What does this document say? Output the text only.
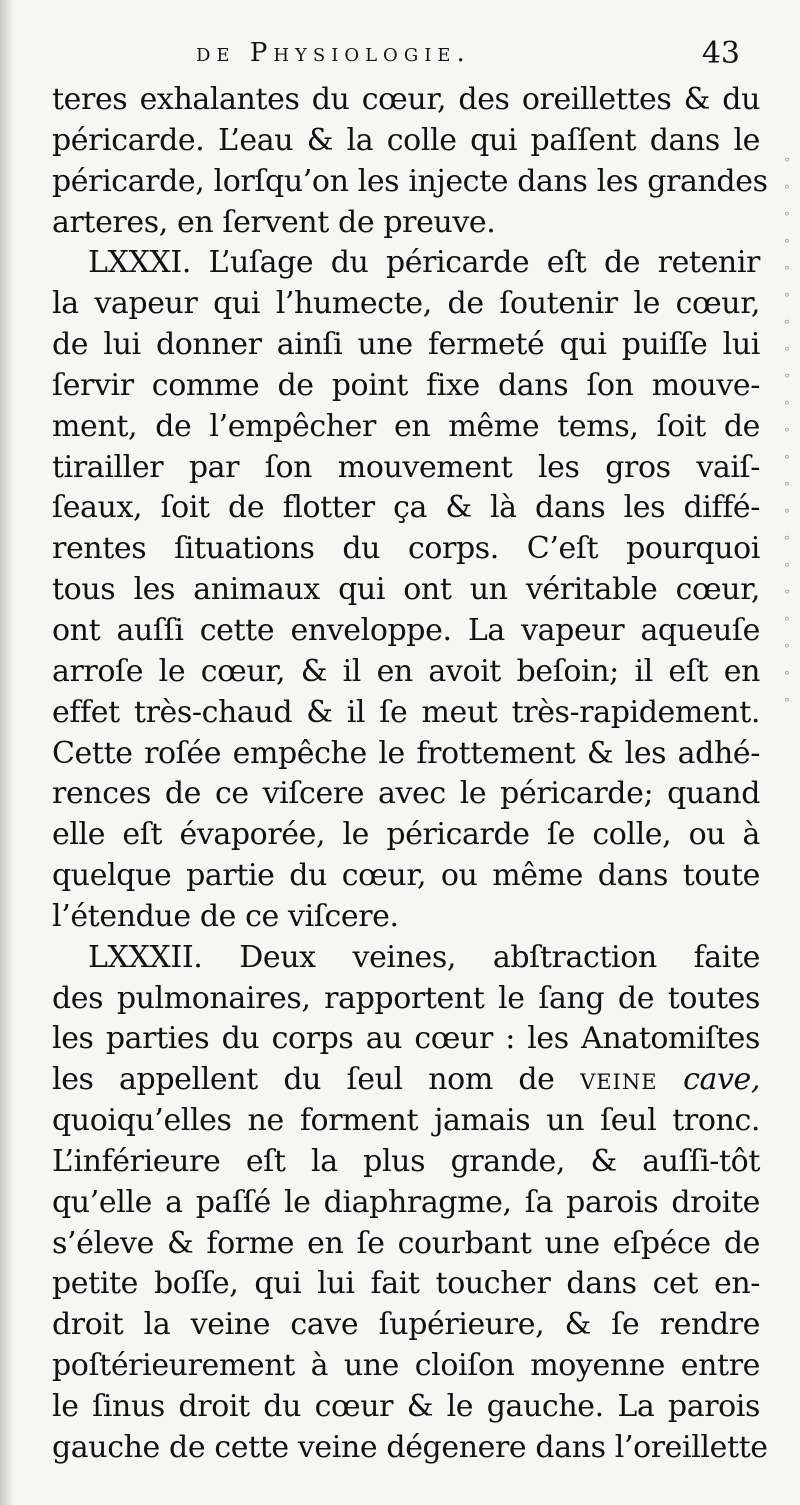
de Physiologie.	43
teres exhalantes du cœur, des oreillettes & du
péricarde. L’eau & la colle qui paſſent dans le
péricarde, lorſqu’on les injecte dans les grandes
arteres, en ſervent de preuve.
LXXXI. L’uſage du péricarde eſt de retenir
la vapeur qui l’humecte, de ſoutenir le cœur,
de lui donner ainſi une fermeté qui puiſſe lui
ſervir comme de point fixe dans ſon mouve-
ment, de l’empêcher en même tems, ſoit de
tirailler par ſon mouvement les gros vaiſ-
ſeaux, ſoit de flotter ça & là dans les diffé-
rentes ſituations du corps. C’eſt pourquoi
tous les animaux qui ont un véritable cœur,
ont auſſi cette enveloppe. La vapeur aqueuſe
arroſe le cœur, & il en avoit beſoin; il eſt en
effet très-chaud & il ſe meut très-rapidement.
Cette roſée empêche le frottement & les adhé-
rences de ce viſcere avec le péricarde; quand
elle eſt évaporée, le péricarde ſe colle, ou à
quelque partie du cœur, ou même dans toute
l’étendue de ce viſcere.
LXXXII. Deux veines, abſtraction faite
des pulmonaires, rapportent le ſang de toutes
les parties du corps au cœur : les Anatomiſtes
les appellent du ſeul nom de veine cave,
quoiqu’elles ne forment jamais un ſeul tronc.
L’inférieure eſt la plus grande, & auſſi-tôt
qu’elle a paſſé le diaphragme, ſa parois droite
s’éleve & forme en ſe courbant une eſpéce de
petite boſſe, qui lui fait toucher dans cet en-
droit la veine cave ſupérieure, & ſe rendre
poſtérieurement à une cloiſon moyenne entre
le ſinus droit du cœur & le gauche. La parois
gauche de cette veine dégenere dans l’oreillette
° ° ° ° ° ° ° ° ° ° ° ° ° ° ° ° ° ° ° ° °
